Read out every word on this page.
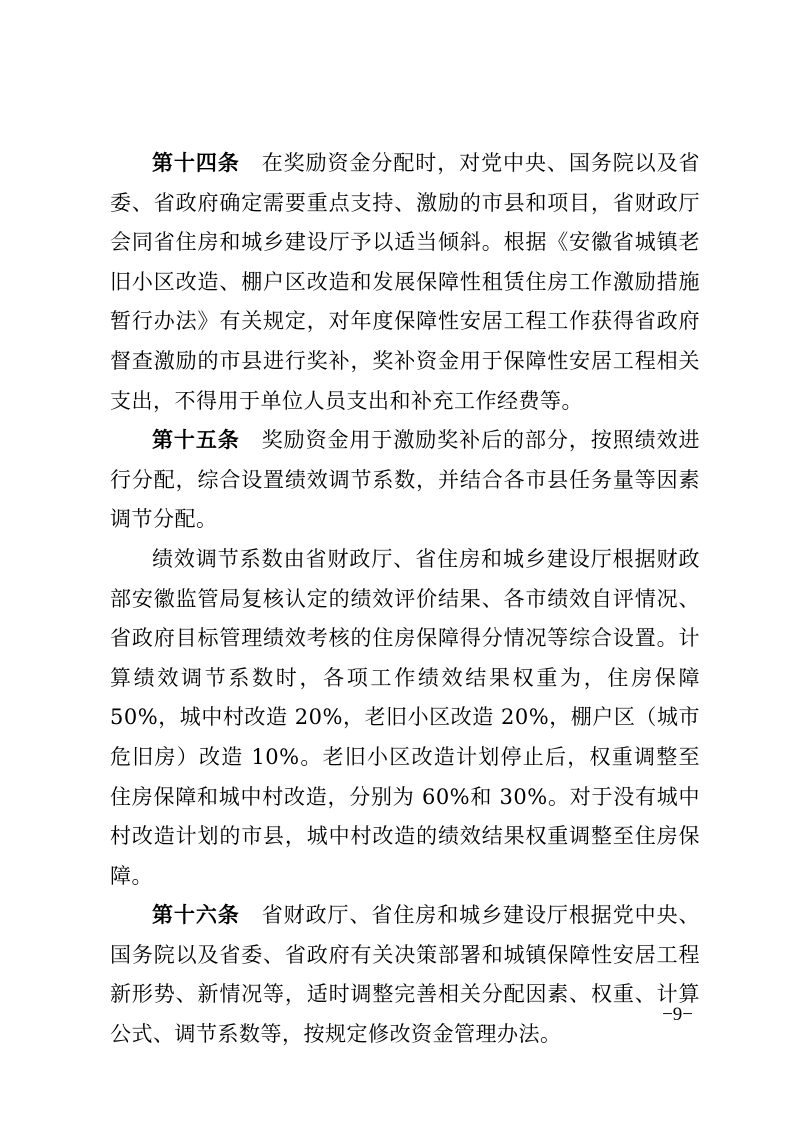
第十四条 在奖励资金分配时，对党中央、国务院以及省委、省政府确定需要重点支持、激励的市县和项目，省财政厅会同省住房和城乡建设厅予以适当倾斜。根据《安徽省城镇老旧小区改造、棚户区改造和发展保障性租赁住房工作激励措施暂行办法》有关规定，对年度保障性安居工程工作获得省政府督查激励的市县进行奖补，奖补资金用于保障性安居工程相关支出，不得用于单位人员支出和补充工作经费等。

第十五条 奖励资金用于激励奖补后的部分，按照绩效进行分配，综合设置绩效调节系数，并结合各市县任务量等因素调节分配。

绩效调节系数由省财政厅、省住房和城乡建设厅根据财政部安徽监管局复核认定的绩效评价结果、各市绩效自评情况、省政府目标管理绩效考核的住房保障得分情况等综合设置。计算绩效调节系数时，各项工作绩效结果权重为，住房保障 50%，城中村改造 20%，老旧小区改造 20%，棚户区（城市危旧房）改造 10%。老旧小区改造计划停止后，权重调整至住房保障和城中村改造，分别为 60%和 30%。对于没有城中村改造计划的市县，城中村改造的绩效结果权重调整至住房保障。

第十六条 省财政厅、省住房和城乡建设厅根据党中央、国务院以及省委、省政府有关决策部署和城镇保障性安居工程新形势、新情况等，适时调整完善相关分配因素、权重、计算公式、调节系数等，按规定修改资金管理办法。

−9−
